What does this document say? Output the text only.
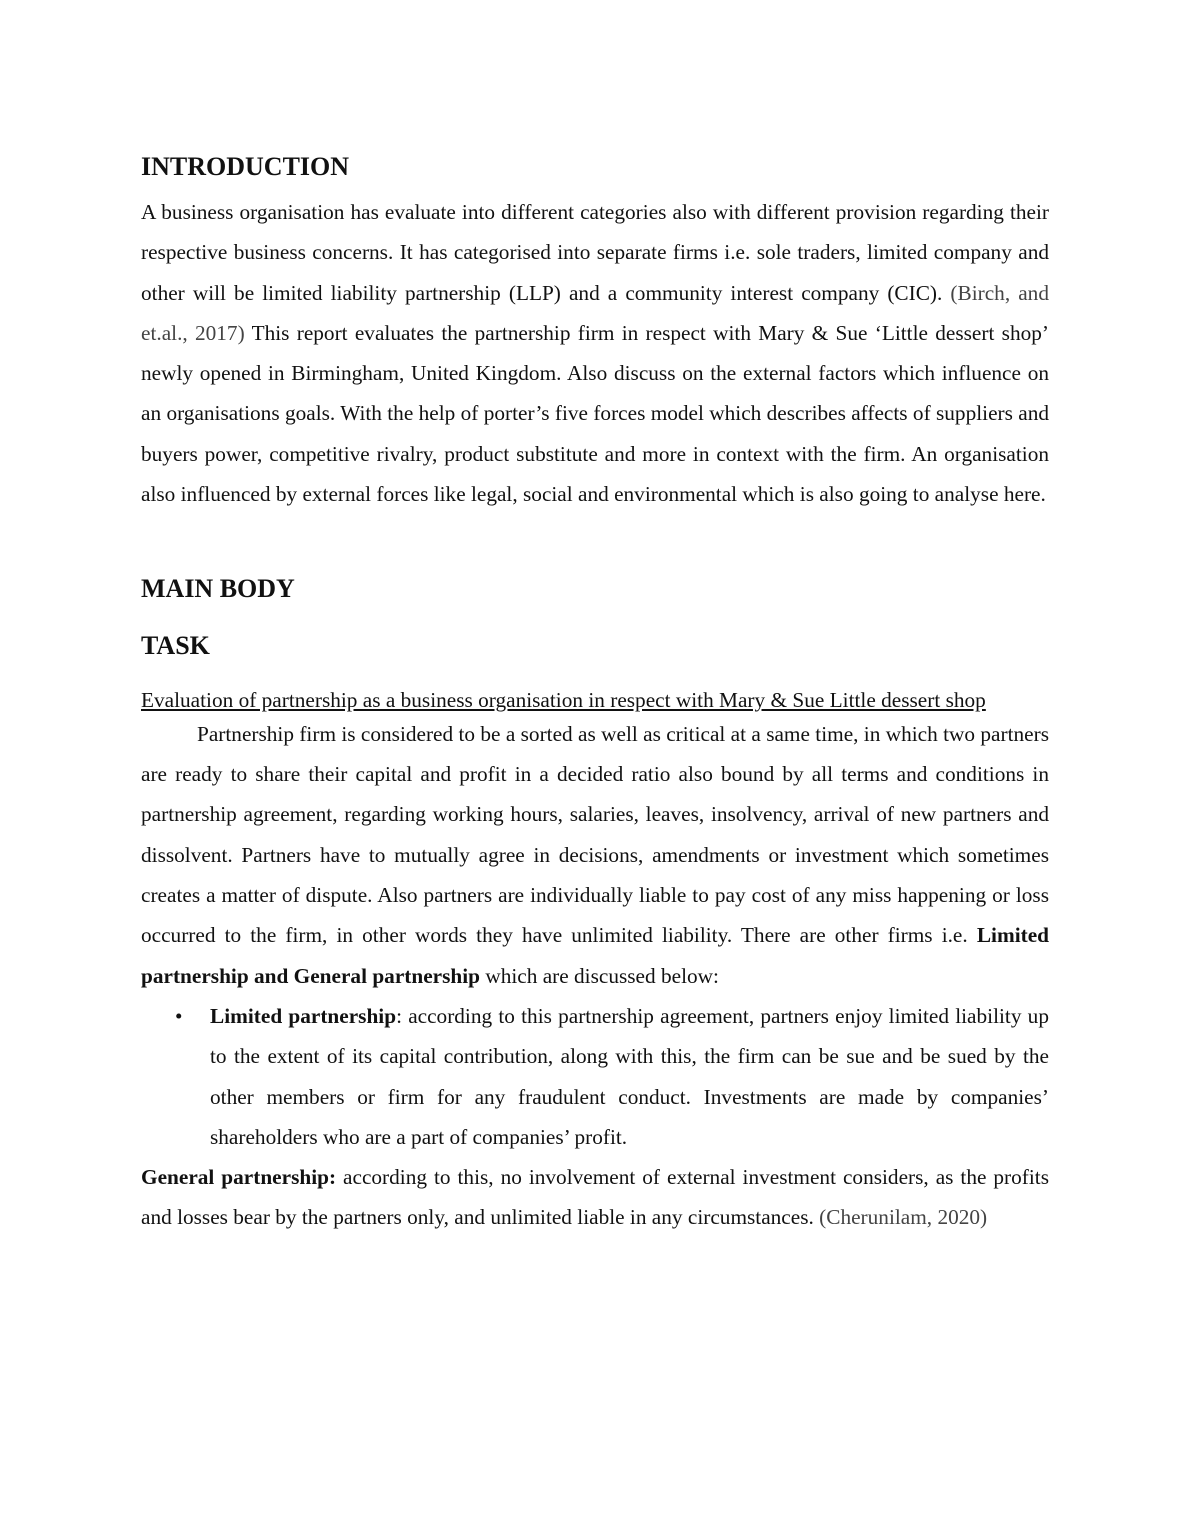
INTRODUCTION

A business organisation has evaluate into different categories also with different provision regarding their respective business concerns. It has categorised into separate firms i.e. sole traders, limited company and other will be limited liability partnership (LLP) and a community interest company (CIC). (Birch, and et.al., 2017) This report evaluates the partnership firm in respect with Mary & Sue ‘Little dessert shop’ newly opened in Birmingham, United Kingdom. Also discuss on the external factors which influence on an organisations goals. With the help of porter’s five forces model which describes affects of suppliers and buyers power, competitive rivalry, product substitute and more in context with the firm. An organisation also influenced by external forces like legal, social and environmental which is also going to analyse here.

MAIN BODY
TASK

Evaluation of partnership as a business organisation in respect with Mary & Sue Little dessert shop

Partnership firm is considered to be a sorted as well as critical at a same time, in which two partners are ready to share their capital and profit in a decided ratio also bound by all terms and conditions in partnership agreement, regarding working hours, salaries, leaves, insolvency, arrival of new partners and dissolvent. Partners have to mutually agree in decisions, amendments or investment which sometimes creates a matter of dispute. Also partners are individually liable to pay cost of any miss happening or loss occurred to the firm, in other words they have unlimited liability. There are other firms i.e. Limited partnership and General partnership which are discussed below:

• Limited partnership: according to this partnership agreement, partners enjoy limited liability up to the extent of its capital contribution, along with this, the firm can be sue and be sued by the other members or firm for any fraudulent conduct. Investments are made by companies’ shareholders who are a part of companies’ profit.

General partnership: according to this, no involvement of external investment considers, as the profits and losses bear by the partners only, and unlimited liable in any circumstances. (Cherunilam, 2020)
